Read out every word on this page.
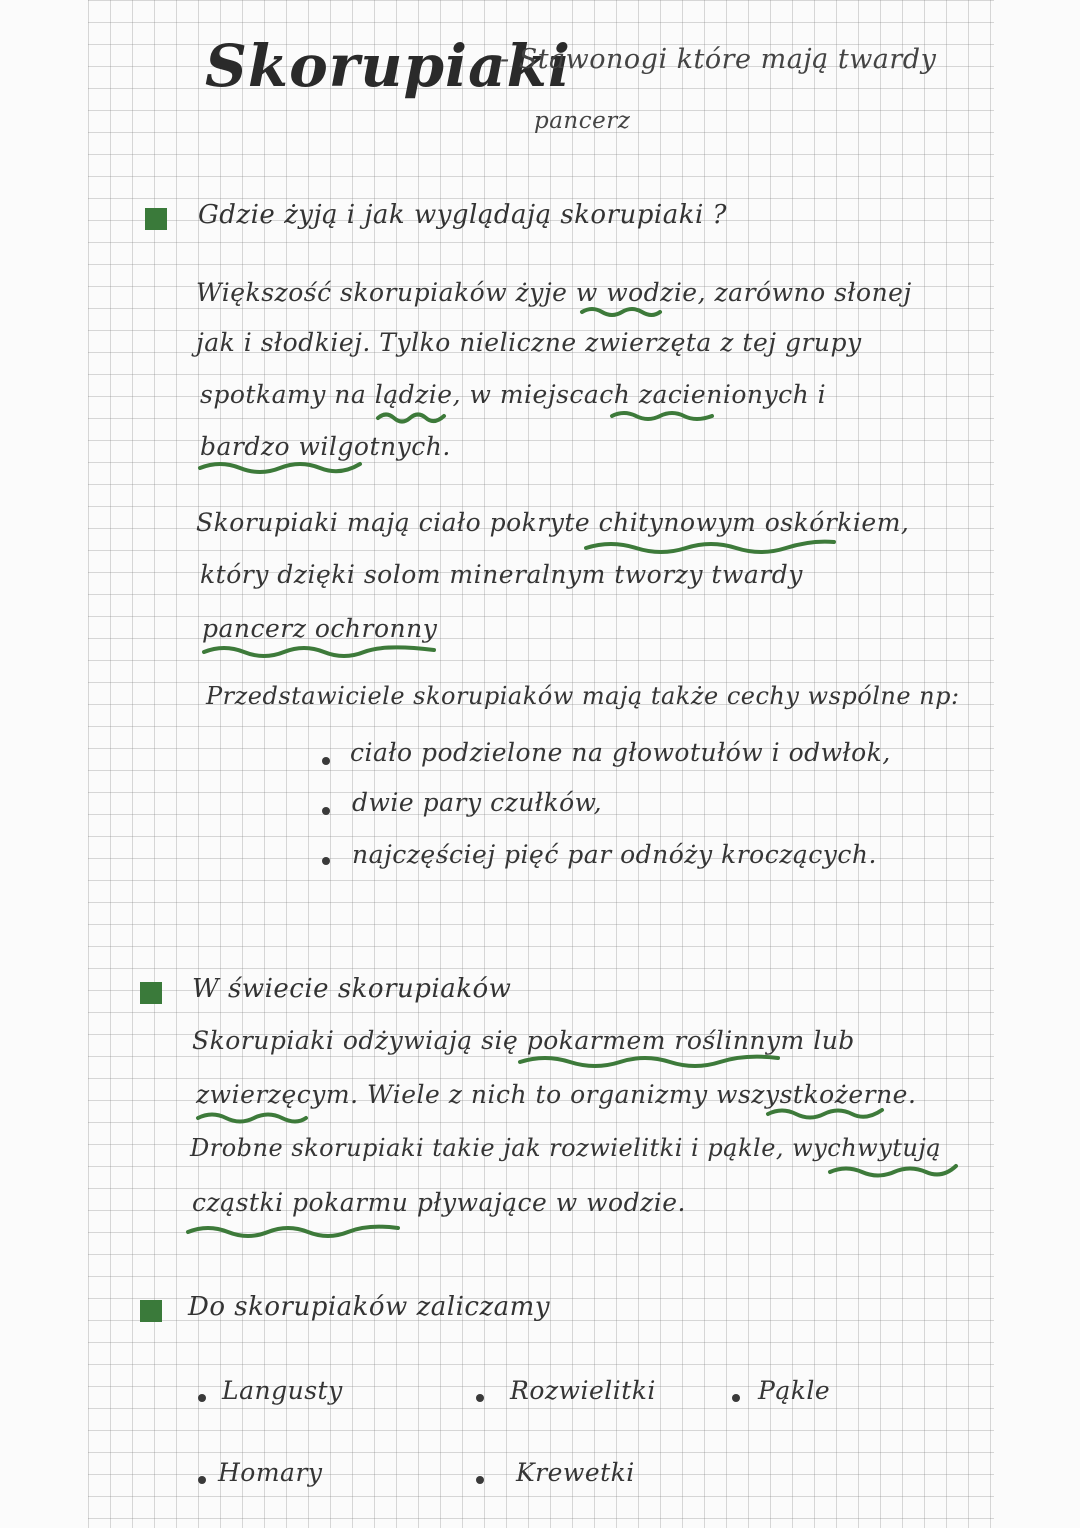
Skorupiaki
- Stawonogi które mają twardy
pancerz
Gdzie żyją i jak wyglądają skorupiaki ?
Większość skorupiaków żyje w wodzie, zarówno słonej
jak i słodkiej. Tylko nieliczne zwierzęta z tej grupy
spotkamy na lądzie, w miejscach zacienionych i
bardzo wilgotnych.
Skorupiaki mają ciało pokryte chitynowym oskórkiem,
który dzięki solom mineralnym tworzy twardy
pancerz ochronny
Przedstawiciele skorupiaków mają także cechy wspólne np:
ciało podzielone na głowotułów i odwłok,
dwie pary czułków,
najczęściej pięć par odnóży kroczących.
W świecie skorupiaków
Skorupiaki odżywiają się pokarmem roślinnym lub
zwierzęcym. Wiele z nich to organizmy wszystkożerne.
Drobne skorupiaki takie jak rozwielitki i pąkle, wychwytują
cząstki pokarmu pływające w wodzie.
Do skorupiaków zaliczamy
Langusty	Rozwielitki	Pąkle
Homary	Krewetki
